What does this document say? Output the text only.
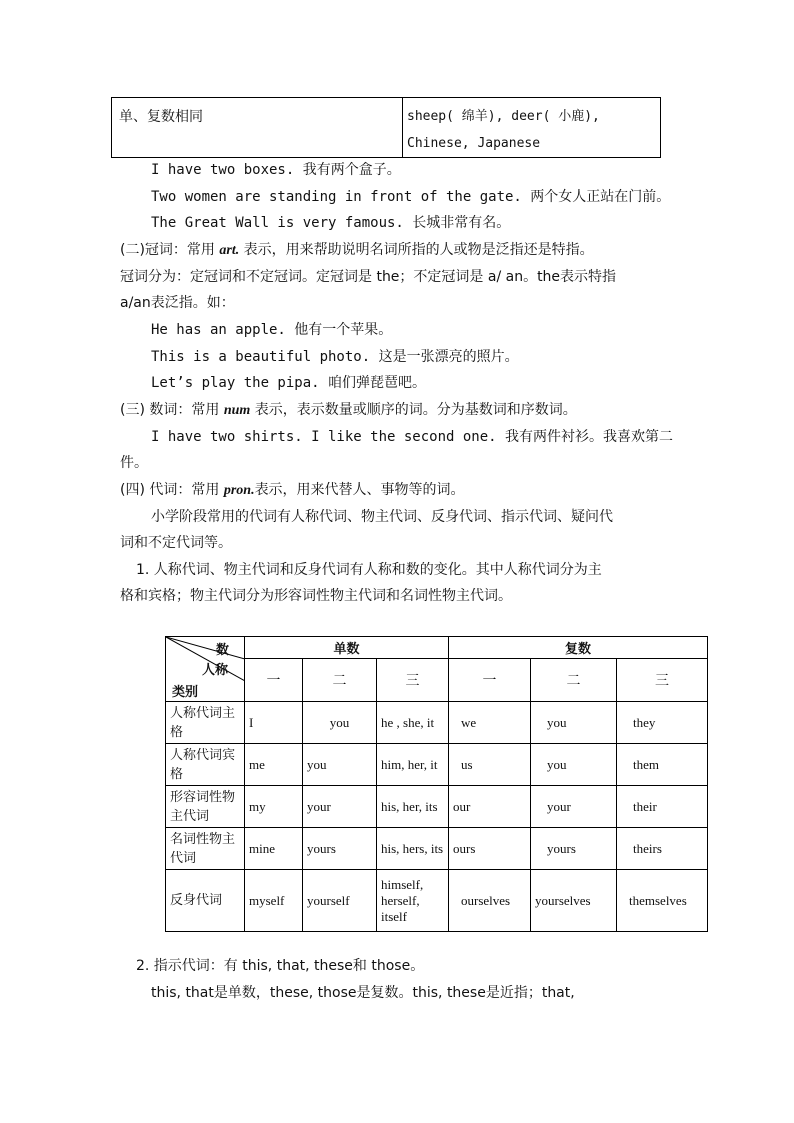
单、复数相同	sheep( 绵羊), deer( 小鹿),
Chinese, Japanese
I have two boxes. 我有两个盒子。
Two women are standing in front of the gate. 两个女人正站在门前。
The Great Wall is very famous. 长城非常有名。
(二)冠词：常用 art. 表示，用来帮助说明名词所指的人或物是泛指还是特指。
冠词分为：定冠词和不定冠词。定冠词是 the；不定冠词是 a/ an。the表示特指
a/an表泛指。如：
He has an apple. 他有一个苹果。
This is a beautiful photo. 这是一张漂亮的照片。
Let’s play the pipa. 咱们弹琵琶吧。
(三) 数词：常用 num 表示，表示数量或顺序的词。分为基数词和序数词。
I have two shirts. I like the second one. 我有两件衬衫。我喜欢第二
件。
(四) 代词：常用 pron.表示，用来代替人、事物等的词。
小学阶段常用的代词有人称代词、物主代词、反身代词、指示代词、疑问代
词和不定代词等。
1. 人称代词、物主代词和反身代词有人称和数的变化。其中人称代词分为主
格和宾格；物主代词分为形容词性物主代词和名词性物主代词。
数
人称
类别	单数			复数		
	一	二	三	一	二	三
人称代词主格	I	you	he , she, it	we	you	they
人称代词宾格	me	you	him, her, it	us	you	them
形容词性物主代词	my	your	his, her, its	our	your	their
名词性物主代词	mine	yours	his, hers, its	ours	yours	theirs
反身代词	myself	yourself	himself, herself, itself	ourselves	yourselves	themselves
2. 指示代词：有 this, that, these和 those。
this, that是单数，these, those是复数。this, these是近指；that,
